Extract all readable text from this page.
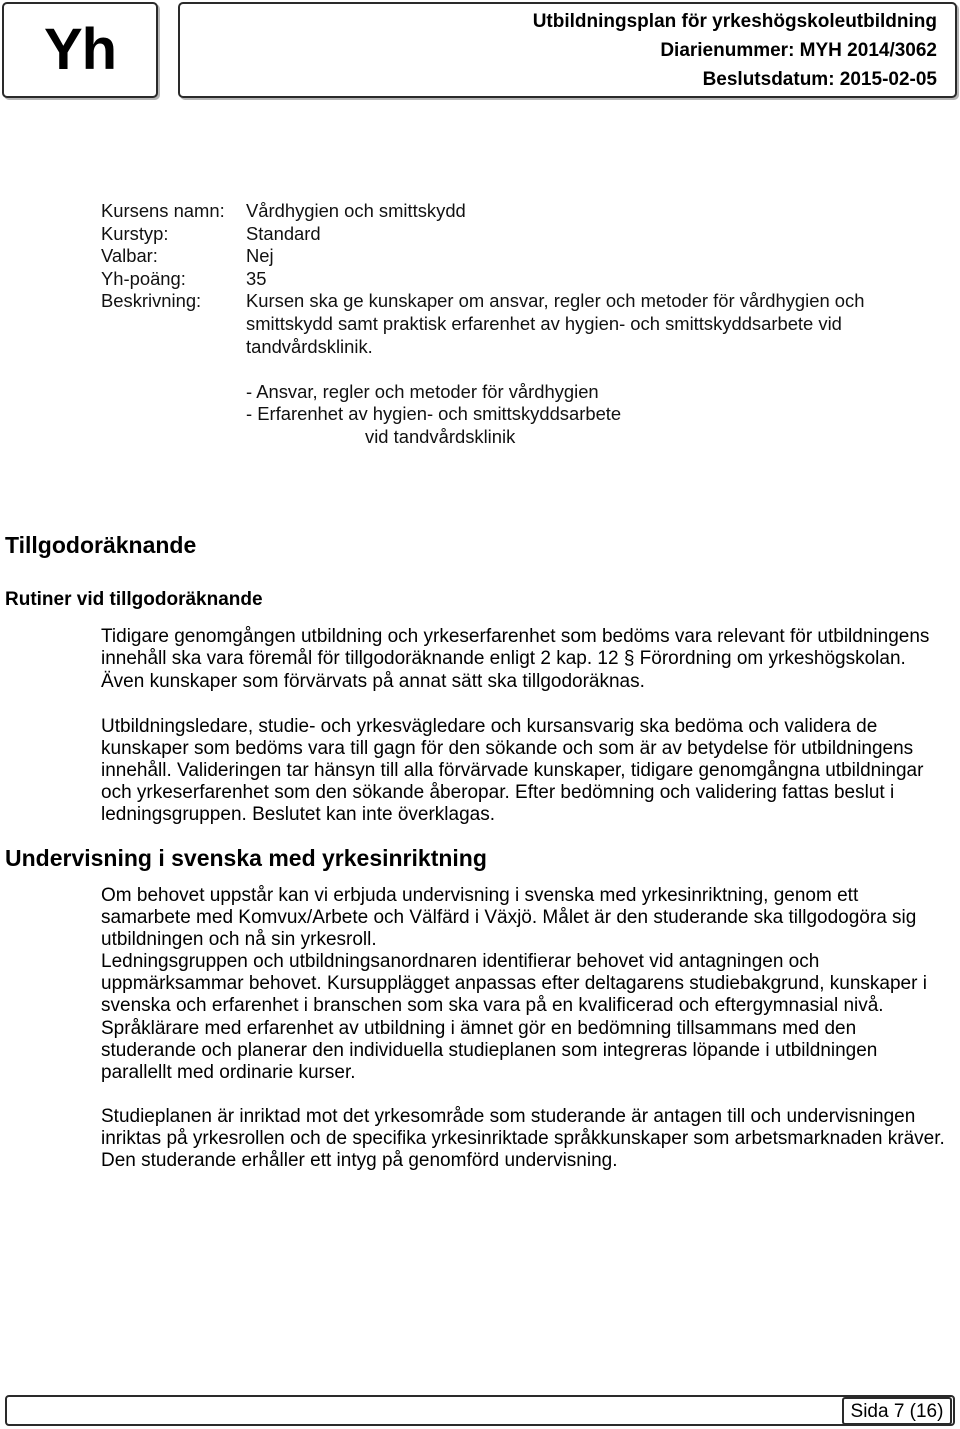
Yh	Utbildningsplan för yrkeshögskoleutbildning
Diarienummer: MYH 2014/3062
Beslutsdatum: 2015-02-05
Kursens namn:	Vårdhygien och smittskydd
Kurstyp:	Standard
Valbar:	Nej
Yh-poäng:	35
Beskrivning:	Kursen ska ge kunskaper om ansvar, regler och metoder för vårdhygien och
smittskydd samt praktisk erfarenhet av hygien- och smittskyddsarbete vid
tandvårdsklinik.
- Ansvar, regler och metoder för vårdhygien
- Erfarenhet av hygien- och smittskyddsarbete
vid tandvårdsklinik
Tillgodoräknande
Rutiner vid tillgodoräknande
Tidigare genomgången utbildning och yrkeserfarenhet som bedöms vara relevant för utbildningens
innehåll ska vara föremål för tillgodoräknande enligt 2 kap. 12 § Förordning om yrkeshögskolan.
Även kunskaper som förvärvats på annat sätt ska tillgodoräknas.
Utbildningsledare, studie- och yrkesvägledare och kursansvarig ska bedöma och validera de
kunskaper som bedöms vara till gagn för den sökande och som är av betydelse för utbildningens
innehåll. Valideringen tar hänsyn till alla förvärvade kunskaper, tidigare genomgångna utbildningar
och yrkeserfarenhet som den sökande åberopar. Efter bedömning och validering fattas beslut i
ledningsgruppen. Beslutet kan inte överklagas.
Undervisning i svenska med yrkesinriktning
Om behovet uppstår kan vi erbjuda undervisning i svenska med yrkesinriktning, genom ett
samarbete med Komvux/Arbete och Välfärd i Växjö. Målet är den studerande ska tillgodogöra sig
utbildningen och nå sin yrkesroll.
Ledningsgruppen och utbildningsanordnaren identifierar behovet vid antagningen och
uppmärksammar behovet. Kursupplägget anpassas efter deltagarens studiebakgrund, kunskaper i
svenska och erfarenhet i branschen som ska vara på en kvalificerad och eftergymnasial nivå.
Språklärare med erfarenhet av utbildning i ämnet gör en bedömning tillsammans med den
studerande och planerar den individuella studieplanen som integreras löpande i utbildningen
parallellt med ordinarie kurser.
Studieplanen är inriktad mot det yrkesområde som studerande är antagen till och undervisningen
inriktas på yrkesrollen och de specifika yrkesinriktade språkkunskaper som arbetsmarknaden kräver.
Den studerande erhåller ett intyg på genomförd undervisning.
Sida 7 (16)
